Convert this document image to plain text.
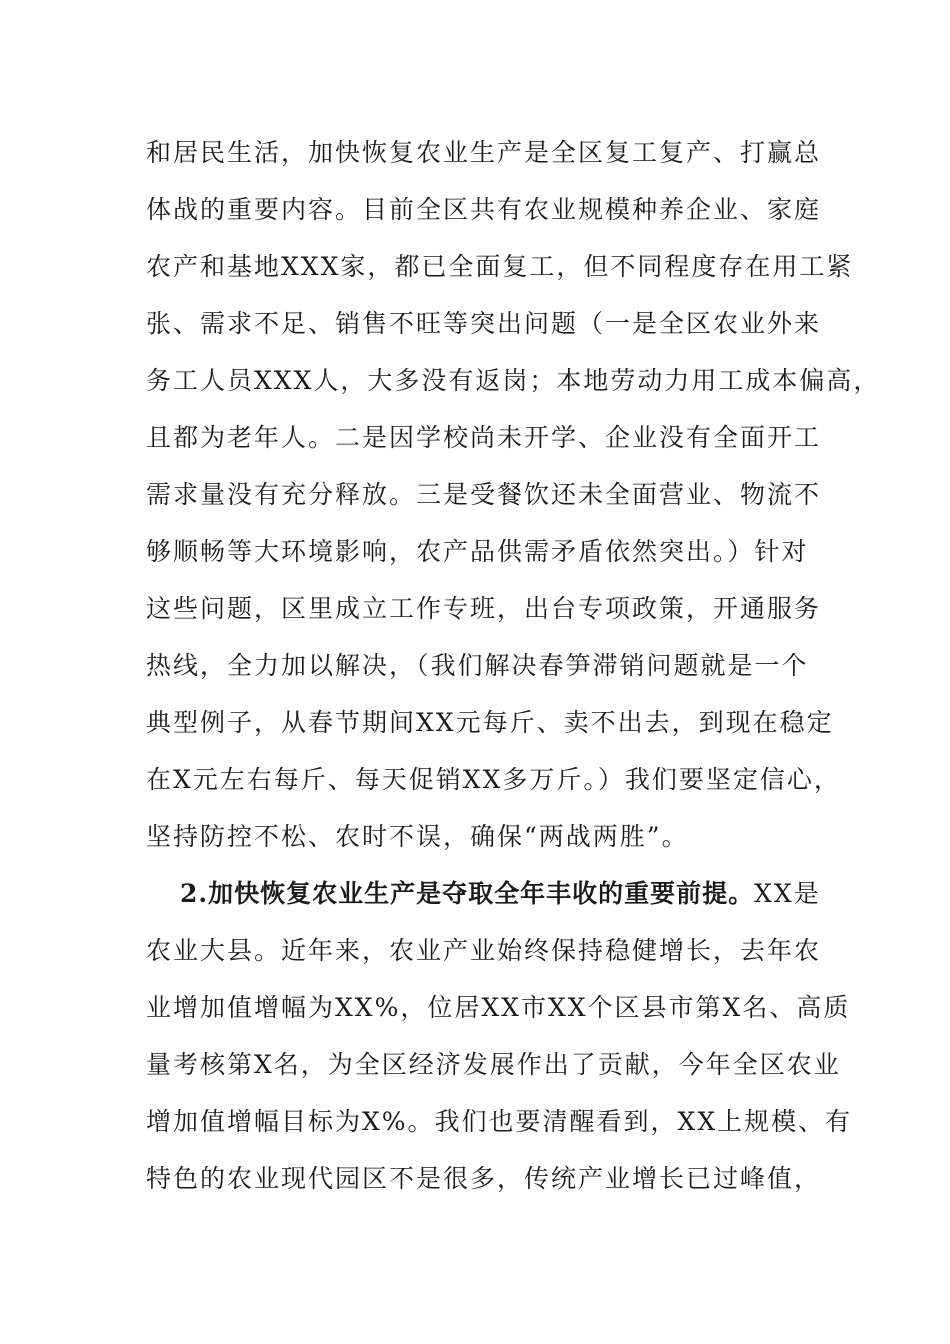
和居民生活，加快恢复农业生产是全区复工复产、打赢总
体战的重要内容。目前全区共有农业规模种养企业、家庭
农产和基地XXX家，都已全面复工，但不同程度存在用工紧
张、需求不足、销售不旺等突出问题（一是全区农业外来
务工人员XXX人，大多没有返岗；本地劳动力用工成本偏高，
且都为老年人。二是因学校尚未开学、企业没有全面开工
需求量没有充分释放。三是受餐饮还未全面营业、物流不
够顺畅等大环境影响，农产品供需矛盾依然突出。）针对
这些问题，区里成立工作专班，出台专项政策，开通服务
热线，全力加以解决，（我们解决春笋滞销问题就是一个
典型例子，从春节期间XX元每斤、卖不出去，到现在稳定
在X元左右每斤、每天促销XX多万斤。）我们要坚定信心，
坚持防控不松、农时不误，确保“两战两胜”。
2.加快恢复农业生产是夺取全年丰收的重要前提。XX是
农业大县。近年来，农业产业始终保持稳健增长，去年农
业增加值增幅为XX%，位居XX市XX个区县市第X名、高质
量考核第X名，为全区经济发展作出了贡献，今年全区农业
增加值增幅目标为X%。我们也要清醒看到，XX上规模、有
特色的农业现代园区不是很多，传统产业增长已过峰值，
